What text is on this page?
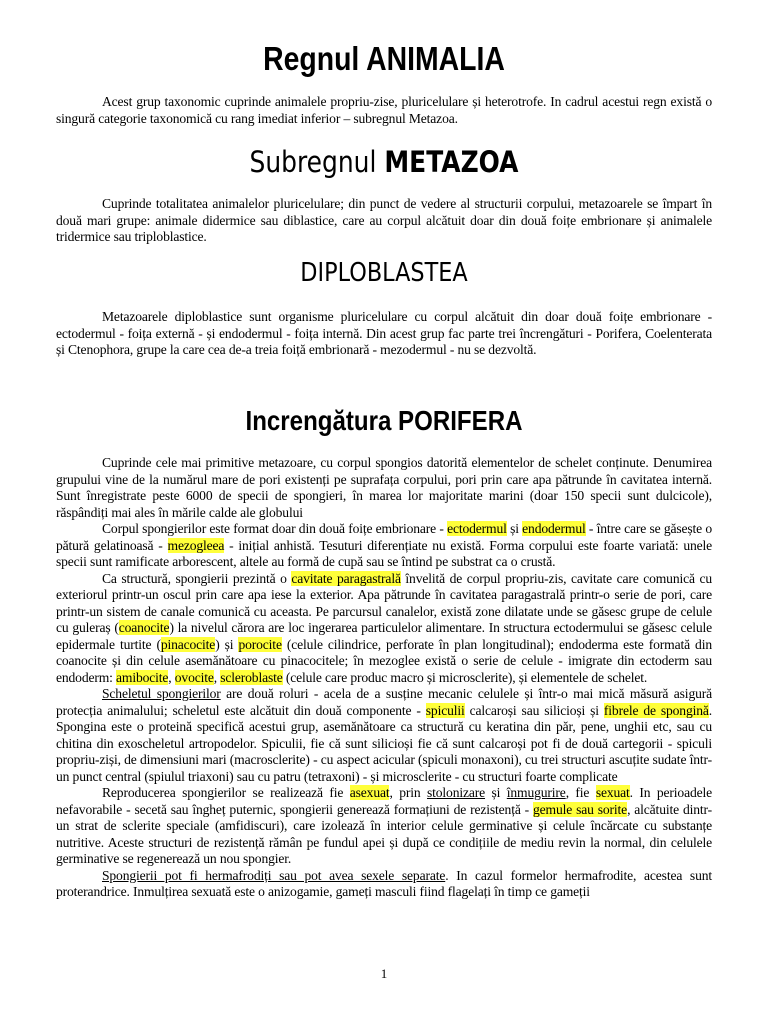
Regnul ANIMALIA

Acest grup taxonomic cuprinde animalele propriu-zise, pluricelulare și heterotrofe. In cadrul acestui regn există o singură categorie taxonomică cu rang imediat inferior – subregnul Metazoa.

Subregnul METAZOA

Cuprinde totalitatea animalelor pluricelulare; din punct de vedere al structurii corpului, metazoarele se împart în două mari grupe: animale didermice sau diblastice, care au corpul alcătuit doar din două foițe embrionare și animalele tridermice sau triploblastice.

DIPLOBLASTEA

Metazoarele diploblastice sunt organisme pluricelulare cu corpul alcătuit din doar două foițe embrionare - ectodermul - foița externă - și endodermul - foița internă. Din acest grup fac parte trei încrengături - Porifera, Coelenterata și Ctenophora, grupe la care cea de-a treia foiță embrionară - mezodermul - nu se dezvoltă.

Increngătura PORIFERA

Cuprinde cele mai primitive metazoare, cu corpul spongios datorită elementelor de schelet conținute. Denumirea grupului vine de la numărul mare de pori existenți pe suprafața corpului, pori prin care apa pătrunde în cavitatea internă. Sunt înregistrate peste 6000 de specii de spongieri, în marea lor majoritate marini (doar 150 specii sunt dulcicole), răspândiți mai ales în mările calde ale globului

Corpul spongierilor este format doar din două foițe embrionare - ectodermul și endodermul - între care se găsește o pătură gelatinoasă - mezogleea - inițial anhistă. Tesuturi diferențiate nu există. Forma corpului este foarte variată: unele specii sunt ramificate arborescent, altele au formă de cupă sau se întind pe substrat ca o crustă.

Ca structură, spongierii prezintă o cavitate paragastrală învelită de corpul propriu-zis, cavitate care comunică cu exteriorul printr-un oscul prin care apa iese la exterior. Apa pătrunde în cavitatea paragastrală printr-o serie de pori, care printr-un sistem de canale comunică cu aceasta. Pe parcursul canalelor, există zone dilatate unde se găsesc grupe de celule cu guleraș (coanocite) la nivelul cărora are loc ingerarea particulelor alimentare. In structura ectodermului se găsesc celule epidermale turtite (pinacocite) și porocite (celule cilindrice, perforate în plan longitudinal); endoderma este formată din coanocite și din celule asemănătoare cu pinacocitele; în mezoglee există o serie de celule - imigrate din ectoderm sau endoderm: amibocite, ovocite, scleroblaste (celule care produc macro și microsclerite), și elementele de schelet.

Scheletul spongierilor are două roluri - acela de a susține mecanic celulele și într-o mai mică măsură asigură protecția animalului; scheletul este alcătuit din două componente - spiculii calcaroși sau silicioși și fibrele de spongină. Spongina este o proteină specifică acestui grup, asemănătoare ca structură cu keratina din păr, pene, unghii etc, sau cu chitina din exoscheletul artropodelor. Spiculii, fie că sunt silicioși fie că sunt calcaroși pot fi de două cartegorii - spiculi propriu-ziși, de dimensiuni mari (macrosclerite) - cu aspect acicular (spiculi monaxoni), cu trei structuri ascuțite sudate într-un punct central (spiulul triaxoni) sau cu patru (tetraxoni) - și microsclerite - cu structuri foarte complicate

Reproducerea spongierilor se realizează fie asexuat, prin stolonizare și înmugurire, fie sexuat. In perioadele nefavorabile - secetă sau îngheț puternic, spongierii generează formațiuni de rezistență - gemule sau sorite, alcătuite dintr-un strat de sclerite speciale (amfidiscuri), care izolează în interior celule germinative și celule încărcate cu substanțe nutritive. Aceste structuri de rezistență rămân pe fundul apei și după ce condițiile de mediu revin la normal, din celulele germinative se regenerează un nou spongier.

Spongierii pot fi hermafrodiți sau pot avea sexele separate. In cazul formelor hermafrodite, acestea sunt proterandrice. Inmulțirea sexuată este o anizogamie, gameți masculi fiind flagelați în timp ce gameții

1
